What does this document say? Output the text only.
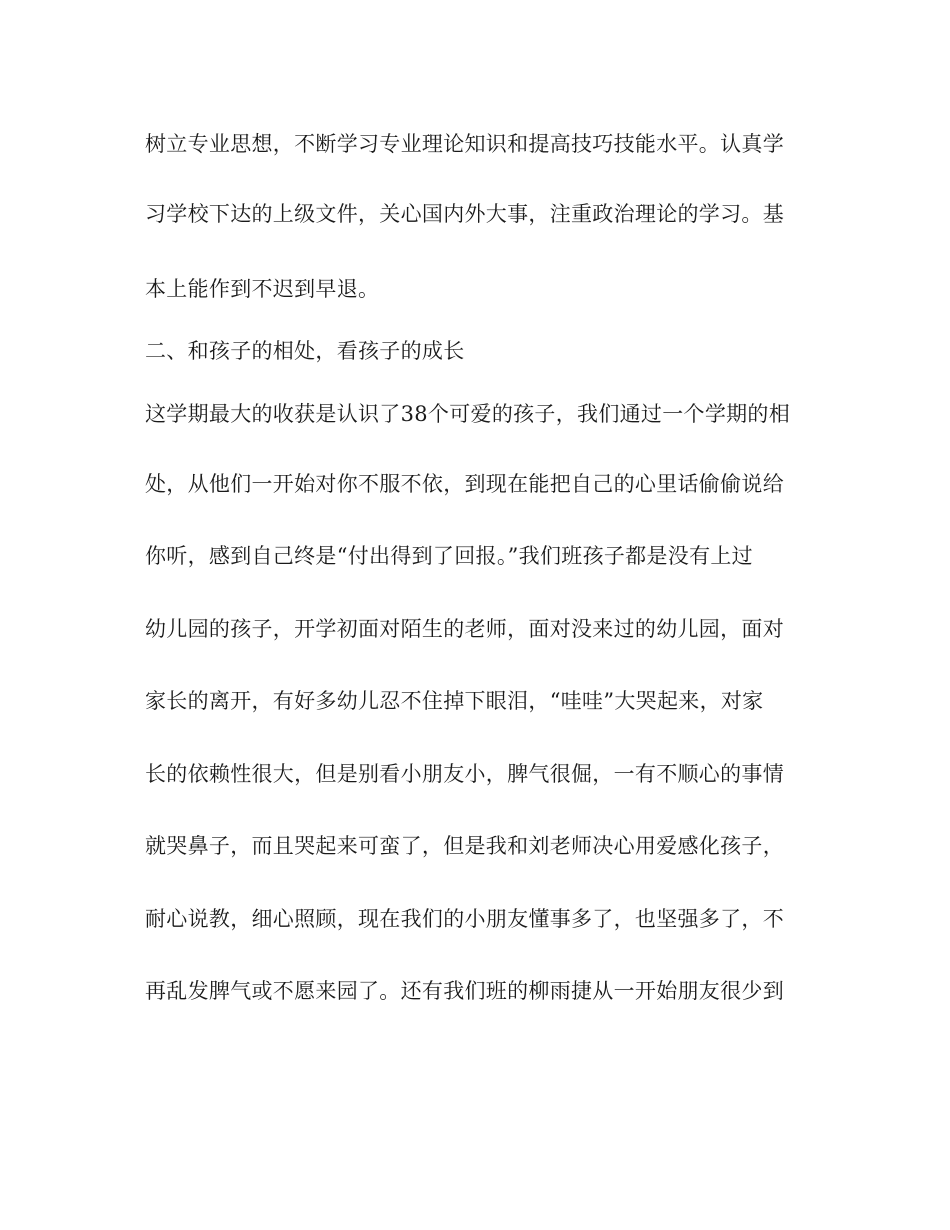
树立专业思想，不断学习专业理论知识和提高技巧技能水平。认真学
习学校下达的上级文件，关心国内外大事，注重政治理论的学习。基
本上能作到不迟到早退。
二、和孩子的相处，看孩子的成长
这学期最大的收获是认识了38个可爱的孩子，我们通过一个学期的相
处，从他们一开始对你不服不依，到现在能把自己的心里话偷偷说给
你听，感到自己终是“付出得到了回报。”我们班孩子都是没有上过
幼儿园的孩子，开学初面对陌生的老师，面对没来过的幼儿园，面对
家长的离开，有好多幼儿忍不住掉下眼泪，“哇哇”大哭起来，对家
长的依赖性很大，但是别看小朋友小，脾气很倔，一有不顺心的事情
就哭鼻子，而且哭起来可蛮了，但是我和刘老师决心用爱感化孩子，
耐心说教，细心照顾，现在我们的小朋友懂事多了，也坚强多了，不
再乱发脾气或不愿来园了。还有我们班的柳雨捷从一开始朋友很少到
